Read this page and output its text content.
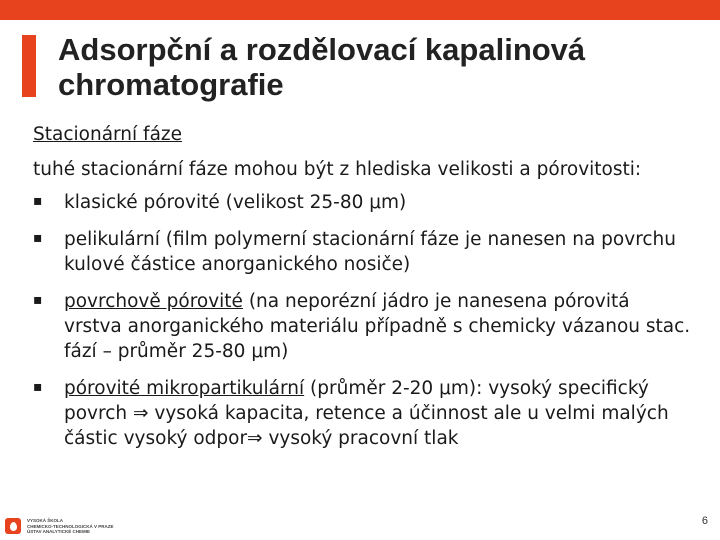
Adsorpční a rozdělovací kapalinová
chromatografie
Stacionární fáze
tuhé stacionární fáze mohou být z hlediska velikosti a pórovitosti:
▪ klasické pórovité (velikost 25-80 μm)
▪ pelikulární (film polymerní stacionární fáze je nanesen na povrchu kulové částice anorganického nosiče)
▪ povrchově pórovité (na neporézní jádro je nanesena pórovitá vrstva anorganického materiálu případně s chemicky vázanou stac. fází – průměr 25-80 μm)
▪ pórovité mikropartikulární (průměr 2-20 μm): vysoký specifický povrch ⇒ vysoká kapacita, retence a účinnost ale u velmi malých částic vysoký odpor⇒ vysoký pracovní tlak
VYSOKÁ ŠKOLA
CHEMICKO-TECHNOLOGICKÁ V PRAZE
ÚSTAV ANALYTICKÉ CHEMIE
6
